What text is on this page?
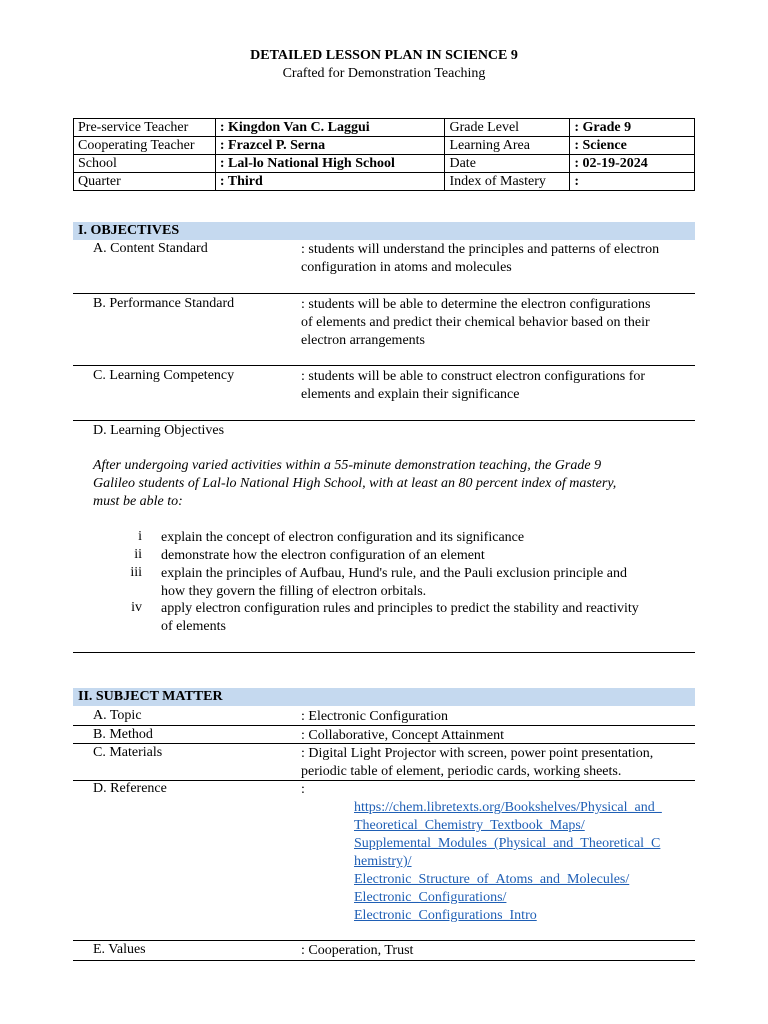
DETAILED LESSON PLAN IN SCIENCE 9
Crafted for Demonstration Teaching
Pre-service Teacher	: Kingdon Van C. Laggui	Grade Level	: Grade 9
Cooperating Teacher	: Frazcel P. Serna	Learning Area	: Science
School	: Lal-lo National High School	Date	: 02-19-2024
Quarter	: Third	Index of Mastery	:
I. OBJECTIVES
A. Content Standard	: students will understand the principles and patterns of electron
configuration in atoms and molecules
B. Performance Standard	: students will be able to determine the electron configurations
of elements and predict their chemical behavior based on their
electron arrangements
C. Learning Competency	: students will be able to construct electron configurations for
elements and explain their significance
D. Learning Objectives
After undergoing varied activities within a 55-minute demonstration teaching, the Grade 9
Galileo students of Lal-lo National High School, with at least an 80 percent index of mastery,
must be able to:
i explain the concept of electron configuration and its significance
ii demonstrate how the electron configuration of an element
iii explain the principles of Aufbau, Hund's rule, and the Pauli exclusion principle and
how they govern the filling of electron orbitals.
iv apply electron configuration rules and principles to predict the stability and reactivity
of elements
II. SUBJECT MATTER
A. Topic	: Electronic Configuration
B. Method	: Collaborative, Concept Attainment
C. Materials	: Digital Light Projector with screen, power point presentation,
periodic table of element, periodic cards, working sheets.
D. Reference	:
https://chem.libretexts.org/Bookshelves/Physical_and_
Theoretical_Chemistry_Textbook_Maps/
Supplemental_Modules_(Physical_and_Theoretical_C
hemistry)/
Electronic_Structure_of_Atoms_and_Molecules/
Electronic_Configurations/
Electronic_Configurations_Intro
E. Values	: Cooperation, Trust
